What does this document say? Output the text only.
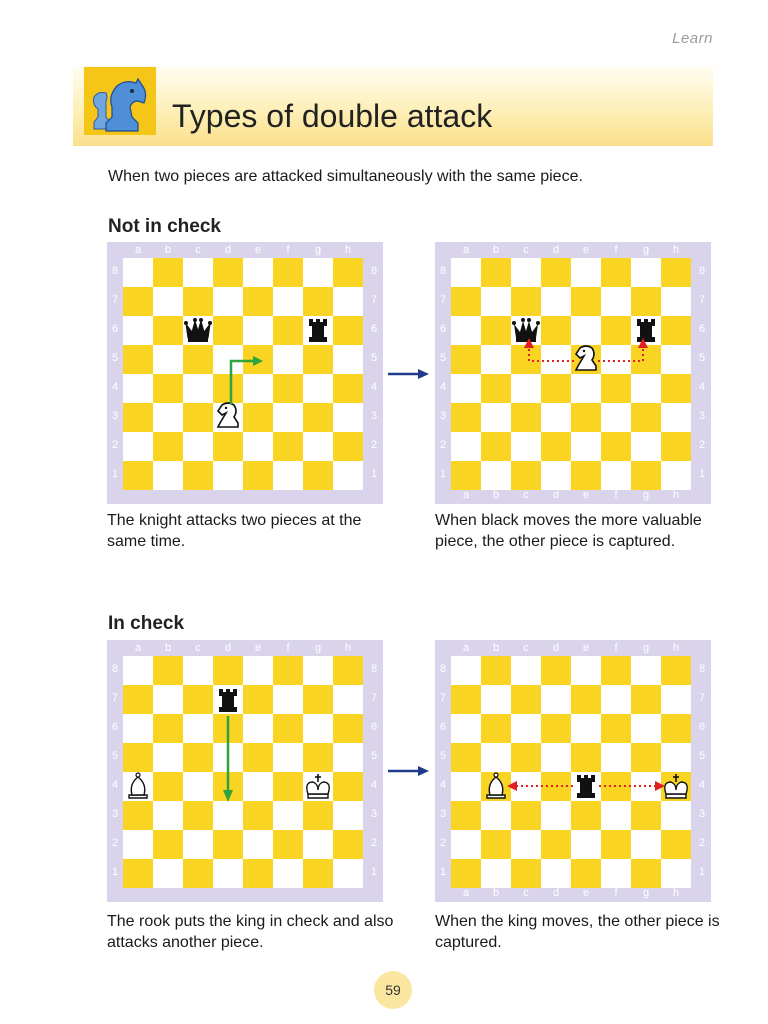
Learn
Types of double attack
When two pieces are attacked simultaneously with the same piece.
Not in check
a	b	c	d	e	f	g	h
8	8
7	7
6	6
5	5
4	4
3	3
2	2
1	1
a
a
b
b
c
c
d
d
e
e
f
f
g
g
h
h
8	8
7	7
6	6
5	5
4	4
3	3
2	2
1	1
The knight attacks two pieces at the same time.
When black moves the more valuable piece, the other piece is captured.
In check
a	b	c	d	e	f	g	h
8	8
7	7
6	6
5	5
4	4
3	3
2	2
1	1
a
a
b
b
c
c
d
d
e
e
f
f
g
g
h
h
8	8
7	7
6	6
5	5
4	4
3	3
2	2
1	1
The rook puts the king in check and also attacks another piece.
When the king moves, the other piece is captured.
59
